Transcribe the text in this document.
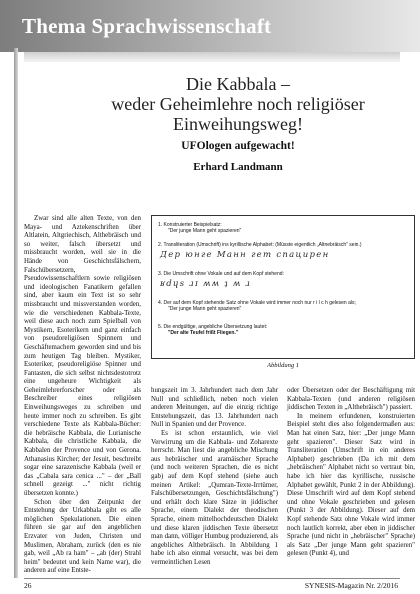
Thema Sprachwissenschaft
Die Kabbala –
weder Geheimlehre noch religiöser
Einweihungsweg!
UFOlogen aufgewacht!
Erhard Landmann

Zwar sind alle alten Texte, von den Maya- und Aztekenschriften über Altlatein, Altgriechisch, Althebräisch und so weiter, falsch übersetzt und missbraucht worden, weil sie in die Hände von Geschichtsfälschern, Falschübersetzern, Pseudowissenschaftlern sowie religiösen und ideologischen Fanatikern gefallen sind, aber kaum ein Text ist so sehr missbraucht und missverstanden worden, wie die verschiedenen Kabbala-Texte, weil diese auch noch zum Spielball von Mystikern, Esoterikern und ganz einfach von pseudoreligiösen Spinnern und Geschäftemachern geworden sind und bis zum heutigen Tag bleiben. Mystiker, Esoteriker, pseudoreligiöse Spinner und Fantasten, die sich selbst nichtsdestotrotz eine ungeheure Wichtigkeit als Geheimlehrerforscher oder als Beschreiber eines religiösen Einweihungsweges zu schreiben und heute immer noch zu schreiben. Es gibt verschiedene Texte als Kabbala-Bücher: die hebräische Kabbala, die Lurianische Kabbala, die christliche Kabbala, die Kabbalen der Provence und von Gerona. Athanasius Kircher; der Jesuit, beschreibt sogar eine sarazenische Kabbala (weil er das „Cabala sara cenica ..." – der „Ball schnell gezeigt ..." nicht richtig übersetzen konnte.)

Schon über den Zeitpunkt der Entstehung der Urkabbala gibt es alle möglichen Spekulationen. Die einen führen sie gar auf den angeblichen Erzvater von Juden, Christen und Muslimen, Abraham, zurück (den es nie gab, weil „Ab ra ham" – „ab (der) Strahl heim" bedeutet und kein Name war), die anderen auf eine Entste-

1. Konstruierter Beispielsatz:
"Der junge Mann geht spazieren"
2. Transliteration (Umschrift) ins kyrillische Alphabet: (Müsste eigentlich „Altnebräisch" sein.)
Дер юнге Манн гет спацирен
3. Die Umschrift ohne Vokale und auf dem Kopf stehend:
ʁdɥs ɹɪ ʍʍ ʇ ʍ ɹ
4. Der auf dem Kopf stehende Satz ohne Vokale wird immer noch nur r i l c h gelesen als;
"Der junge Mann geht spazieren"
5. Die endgültige, angebliche Übersetzung lautet:
"Der alte Teufel frißt Fliegen."
Abbildung 1

hungszeit im 3. Jahrhundert nach dem Jahr Null und schließlich, neben noch vielen anderen Meinungen, auf die einzig richtige Entstehungszeit, das 13. Jahrhundert nach Null in Spanien und der Provence.

Es ist schon erstaunlich, wie viel Verwirrung um die Kabbala- und Zoharexte herrscht. Man liest die angebliche Mischung aus hebräischer und aramäischer Sprache (und noch weiteren Sprachen, die es nicht gab) auf dem Kopf stehend (siehe auch meinen Artikel: „Qumran-Texte-Irrtümer, Falschübersetzungen, Geschichtsfälschung") und erhält doch klare Sätze in jiddischer Sprache, einem Dialekt der theodischen Sprache, einem mittelhochdeutschen Dialekt und diese klaren jiddischen Texte übersetzt man dann, völliger Humbug produzierend, als angebliches Althebräisch. In Abbildung 1 habe ich also einmal versucht, was bei dem vermeintlichen Lesen

oder Übersetzen oder der Beschäftigung mit Kabbala-Texten (und anderen religiösen jiddischen Texten in „Althebräisch") passiert.

In meinem erfundenen, konstruierten Beispiel steht dies also folgendermaßen aus: Man hat einen Satz, hier: „Der junge Mann geht spazieren". Dieser Satz wird in Transliteration (Umschrift in ein anderes Alphabet) geschrieben (Da ich mit dem „hebräischen" Alphabet nicht so vertraut bin, habe ich hier das kyrillische, russische Alphabet gewählt, Punkt 2 in der Abbildung). Diese Umschrift wird auf dem Kopf stehend und ohne Vokale geschrieben und gelesen (Punkt 3 der Abbildung). Dieser auf dem Kopf stehende Satz ohne Vokale wird immer noch lautlich korrekt, aber eben in jiddischer Sprache (und nicht in „hebräischer" Sprache) als Satz „Der junge Mann geht spazieren" gelesen (Punkt 4), und

26	SYNESIS-Magazin Nr. 2/2016
